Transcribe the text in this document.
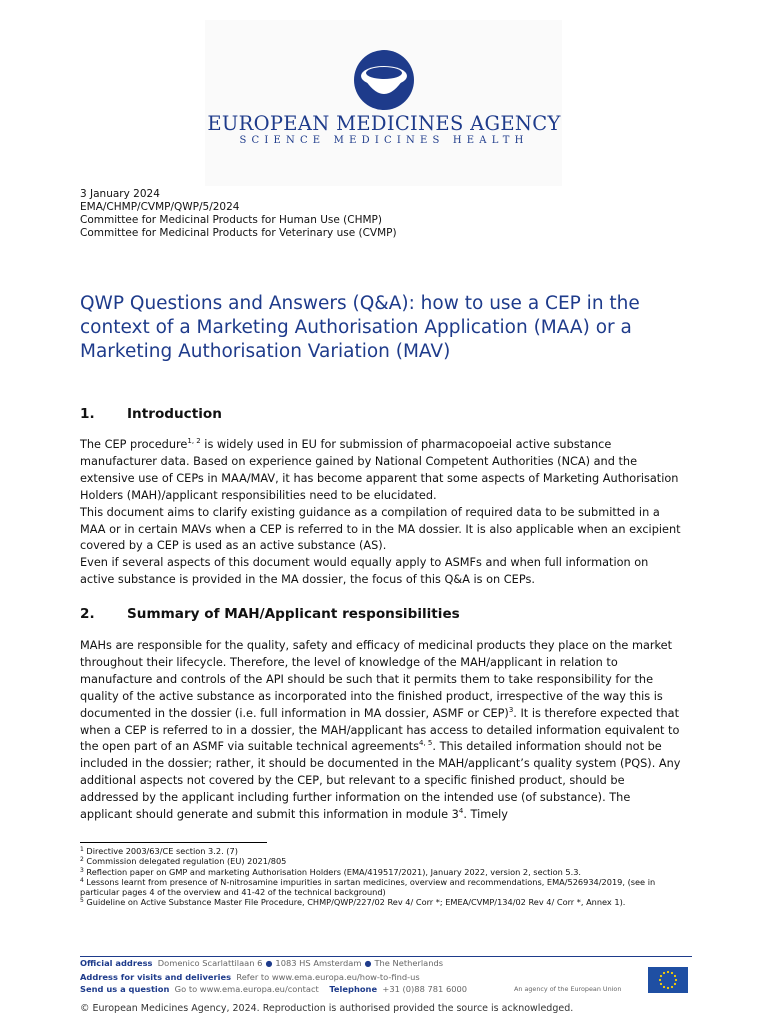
EUROPEAN MEDICINES AGENCY
SCIENCE MEDICINES HEALTH
3 January 2024
EMA/CHMP/CVMP/QWP/5/2024
Committee for Medicinal Products for Human Use (CHMP)
Committee for Medicinal Products for Veterinary use (CVMP)
QWP Questions and Answers (Q&A): how to use a CEP in the context of a Marketing Authorisation Application (MAA) or a Marketing Authorisation Variation (MAV)
1. Introduction

The CEP procedure$^{1, 2}$ is widely used in EU for submission of pharmacopoeial active substance manufacturer data. Based on experience gained by National Competent Authorities (NCA) and the extensive use of CEPs in MAA/MAV, it has become apparent that some aspects of Marketing Authorisation Holders (MAH)/applicant responsibilities need to be elucidated.

This document aims to clarify existing guidance as a compilation of required data to be submitted in a MAA or in certain MAVs when a CEP is referred to in the MA dossier. It is also applicable when an excipient covered by a CEP is used as an active substance (AS).

Even if several aspects of this document would equally apply to ASMFs and when full information on active substance is provided in the MA dossier, the focus of this Q&A is on CEPs.

2. Summary of MAH/Applicant responsibilities

MAHs are responsible for the quality, safety and efficacy of medicinal products they place on the market throughout their lifecycle. Therefore, the level of knowledge of the MAH/applicant in relation to manufacture and controls of the API should be such that it permits them to take responsibility for the quality of the active substance as incorporated into the finished product, irrespective of the way this is documented in the dossier (i.e. full information in MA dossier, ASMF or CEP)$^3$. It is therefore expected that when a CEP is referred to in a dossier, the MAH/applicant has access to detailed information equivalent to the open part of an ASMF via suitable technical agreements$^{4, 5}$. This detailed information should not be included in the dossier; rather, it should be documented in the MAH/applicant’s quality system (PQS). Any additional aspects not covered by the CEP, but relevant to a specific finished product, should be addressed by the applicant including further information on the intended use (of substance). The applicant should generate and submit this information in module $3^4$. Timely

$^1$ Directive 2003/63/CE section 3.2. (7)
$^2$ Commission delegated regulation (EU) 2021/805
$^3$ Reflection paper on GMP and marketing Authorisation Holders (EMA/419517/2021), January 2022, version 2, section 5.3.
$^4$ Lessons learnt from presence of N-nitrosamine impurities in sartan medicines, overview and recommendations, EMA/526934/2019, (see in particular pages 4 of the overview and 41-42 of the technical background)
$^5$ Guideline on Active Substance Master File Procedure, CHMP/QWP/227/02 Rev 4/ Corr *; EMEA/CVMP/134/02 Rev 4/ Corr *, Annex 1).
Official address Domenico Scarlattilaan 6 ● 1083 HS Amsterdam ● The Netherlands
Address for visits and deliveries Refer to www.ema.europa.eu/how-to-find-us
Send us a question Go to www.ema.europa.eu/contact Telephone +31 (0)88 781 6000	An agency of the European Union
© European Medicines Agency, 2024. Reproduction is authorised provided the source is acknowledged.
